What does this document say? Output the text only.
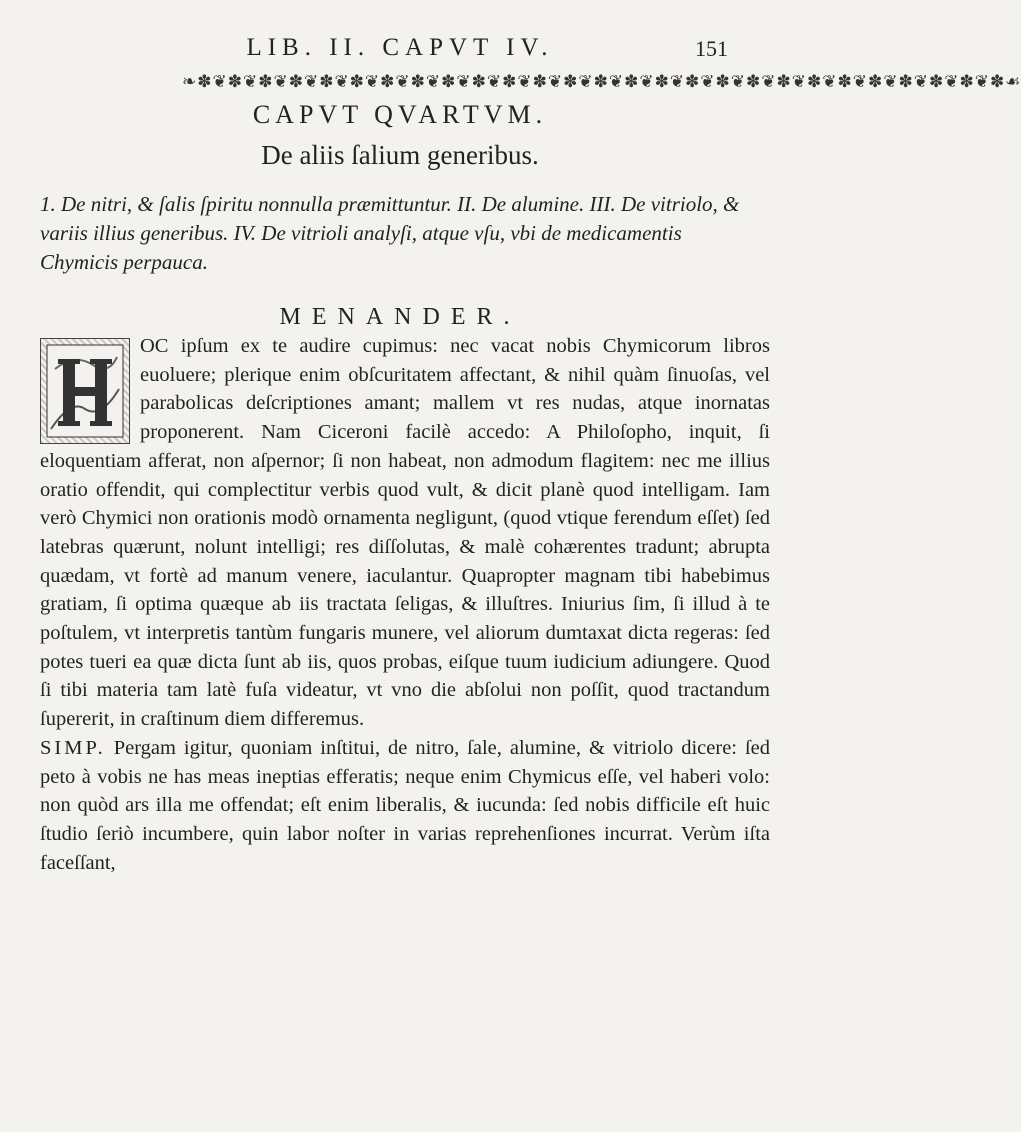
LIB. II. CAPVT IV.	151
❧✽❦✽❦✽❦✽❦✽❦✽❦✽❦✽❦✽❦✽❦✽❦✽❦✽❦✽❦✽❦✽❦✽❦✽❦✽❦✽❦✽❦✽❦✽❦✽❦✽❦✽❦✽☙
CAPVT QVARTVM.
De aliis ſalium generibus.

1. De nitri, & ſalis ſpiritu nonnulla præmittuntur. II. De alumine. III. De vitriolo, & variis illius generibus. IV. De vitrioli analyſi, atque vſu, vbi de medicamentis Chymicis perpauca.

MENANDER.

OC ipſum ex te audire cupimus: nec vacat nobis Chymicorum libros euoluere; plerique enim obſcuritatem affectant, & nihil quàm ſinuoſas, vel parabolicas deſcriptiones amant; mallem vt res nudas, atque inornatas proponerent. Nam Ciceroni facilè accedo: A Philoſopho, inquit, ſi eloquentiam afferat, non aſpernor; ſi non habeat, non admodum flagitem: nec me illius oratio offendit, qui complectitur verbis quod vult, & dicit planè quod intelligam. Iam verò Chymici non orationis modò ornamenta negligunt, (quod vtique ferendum eſſet) ſed latebras quærunt, nolunt intelligi; res diſſolutas, & malè cohærentes tradunt; abrupta quædam, vt fortè ad manum venere, iaculantur. Quapropter magnam tibi habebimus gratiam, ſi optima quæque ab iis tractata ſeligas, & illuſtres. Iniurius ſim, ſi illud à te poſtulem, vt interpretis tantùm fungaris munere, vel aliorum dumtaxat dicta regeras: ſed potes tueri ea quæ dicta ſunt ab iis, quos probas, eiſque tuum iudicium adiungere. Quod ſi tibi materia tam latè fuſa videatur, vt vno die abſolui non poſſit, quod tractandum ſupererit, in craſtinum diem differemus.

SIMP. Pergam igitur, quoniam inſtitui, de nitro, ſale, alumine, & vitriolo dicere: ſed peto à vobis ne has meas ineptias efferatis; neque enim Chymicus eſſe, vel haberi volo: non quòd ars illa me offendat; eſt enim liberalis, & iucunda: ſed nobis difficile eſt huic ſtudio ſeriò incumbere, quin labor noſter in varias reprehenſiones incurrat. Verùm iſta faceſſant,
